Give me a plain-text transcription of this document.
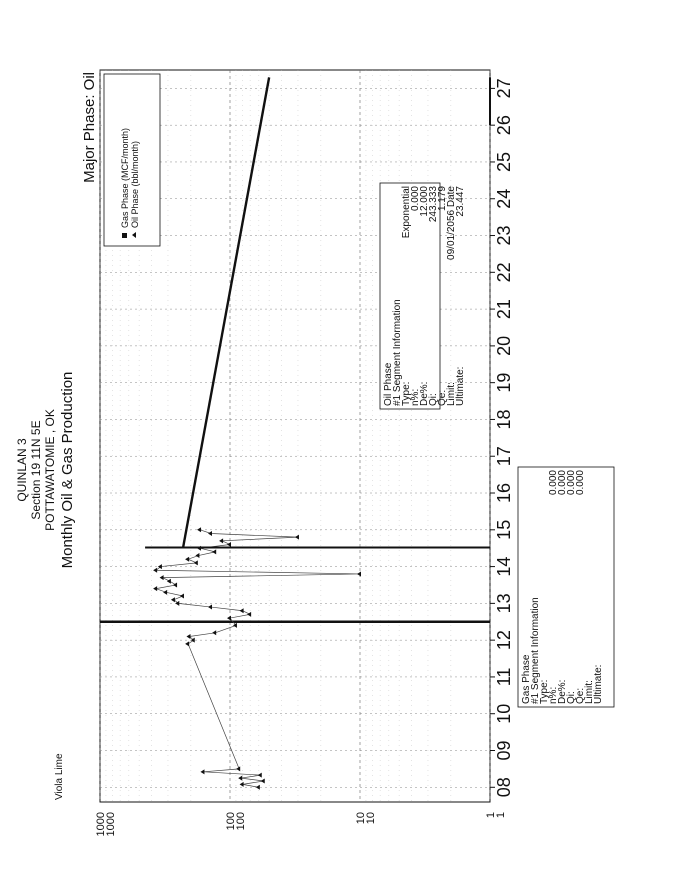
QUINLAN 3 Section 19 11N 5E POTTAWATOMIE , OK Monthly Oil & Gas Production
Major Phase: Oil
Viola Lime	08
09
10
11
12
13
14
15
16
17
18
19
20
21
22
23
24
25
26
27
1
1
10
10
100
100
1000
1000
Gas Phase (MCF/month) Oil Phase (bbl/month)
Oil Phase
#1 Segment Information
Type:
Exponential
n%:
0.000
De%:
12.000
Qi:
243.333
Qe:
1.179
Limit:
09/01/2056 Date
Ultimate:
23.447
Gas Phase
#1 Segment Information
Type:
n%:
0.000
De%:
0.000
Qi:
0.000
Qe:
0.000
Limit:
Ultimate:
